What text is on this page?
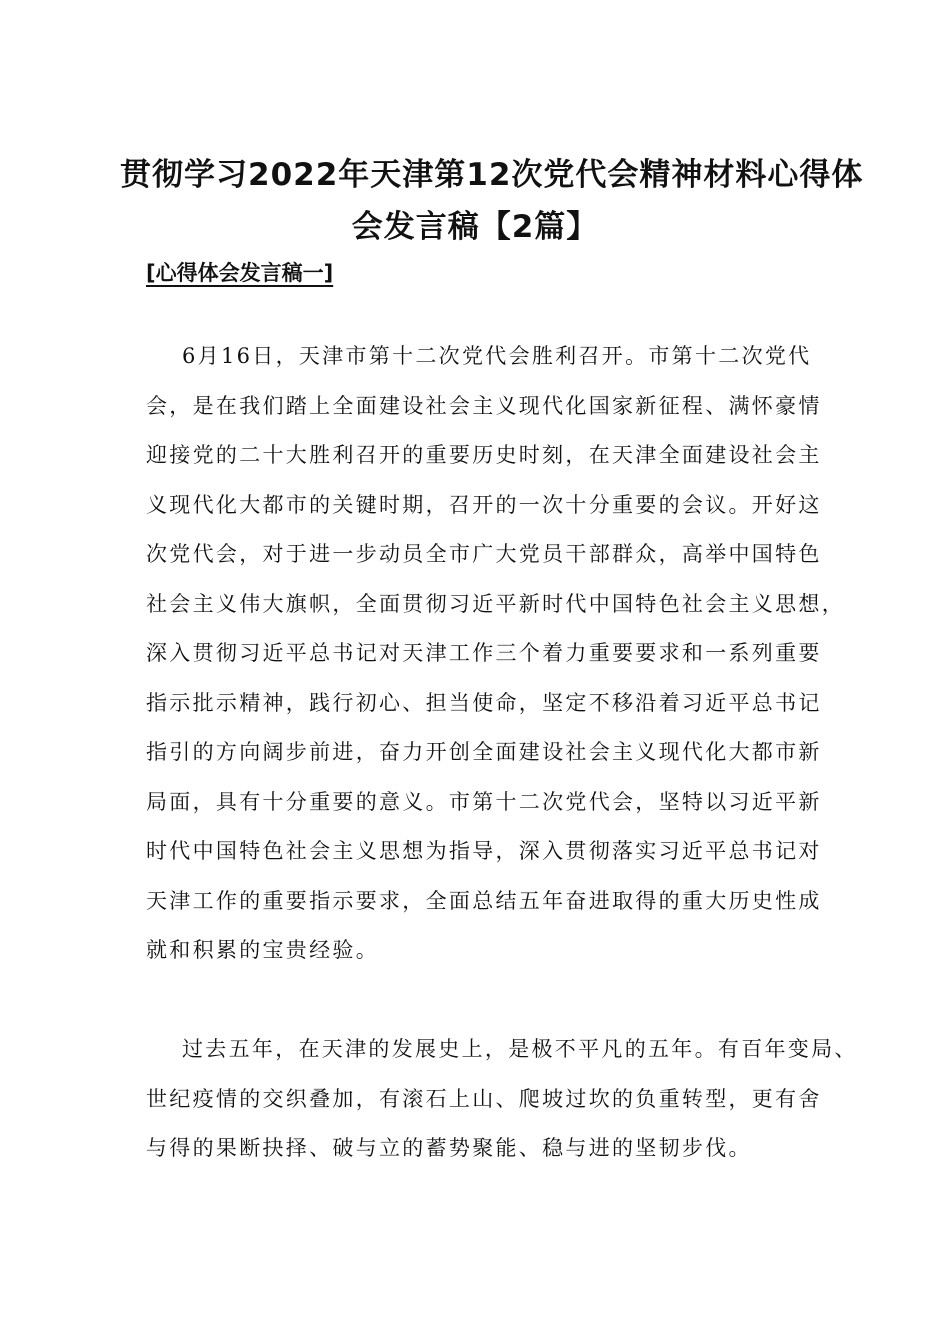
贯彻学习2022年天津第12次党代会精神材料心得体
会发言稿【2篇】
[心得体会发言稿一]
6月16日，天津市第十二次党代会胜利召开。市第十二次党代
会，是在我们踏上全面建设社会主义现代化国家新征程、满怀豪情
迎接党的二十大胜利召开的重要历史时刻，在天津全面建设社会主
义现代化大都市的关键时期，召开的一次十分重要的会议。开好这
次党代会，对于进一步动员全市广大党员干部群众，高举中国特色
社会主义伟大旗帜，全面贯彻习近平新时代中国特色社会主义思想，
深入贯彻习近平总书记对天津工作三个着力重要要求和一系列重要
指示批示精神，践行初心、担当使命，坚定不移沿着习近平总书记
指引的方向阔步前进，奋力开创全面建设社会主义现代化大都市新
局面，具有十分重要的意义。市第十二次党代会，坚特以习近平新
时代中国特色社会主义思想为指导，深入贯彻落实习近平总书记对
天津工作的重要指示要求，全面总结五年奋进取得的重大历史性成
就和积累的宝贵经验。
过去五年，在天津的发展史上，是极不平凡的五年。有百年变局、
世纪疫情的交织叠加，有滚石上山、爬坡过坎的负重转型，更有舍
与得的果断抉择、破与立的蓄势聚能、稳与进的坚韧步伐。
